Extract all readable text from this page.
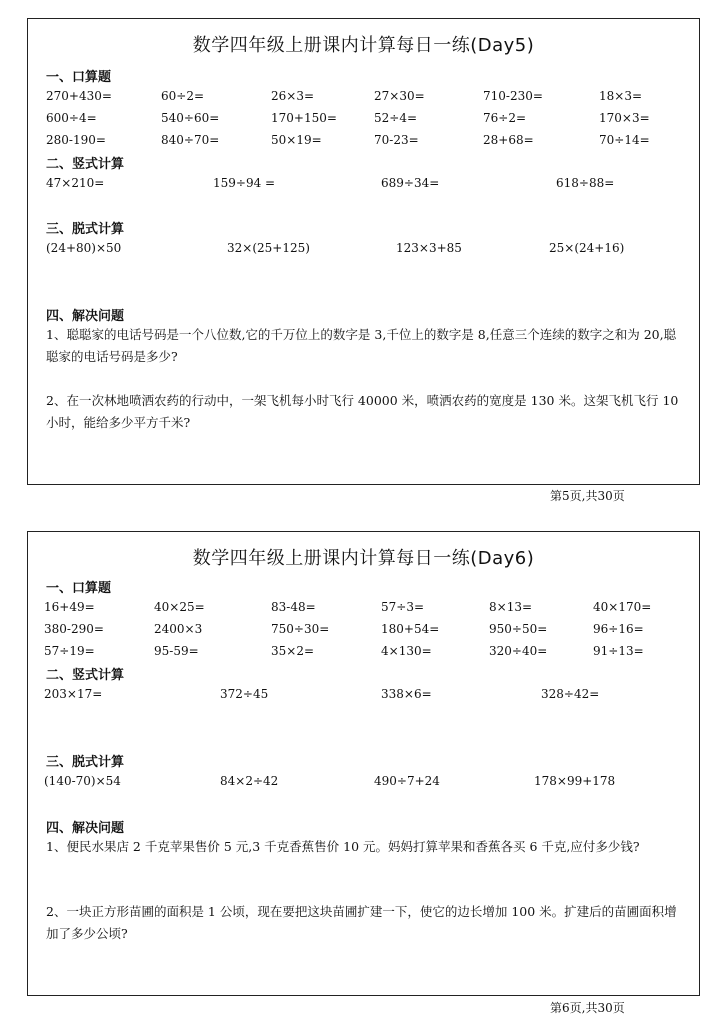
数学四年级上册课内计算每日一练(Day5)
一、口算题
270+430=	60÷2=	26×3=	27×30=	710-230=	18×3=
600÷4=	540÷60=	170+150=	52÷4=	76÷2=	170×3=
280-190=	840÷70=	50×19=	70-23=	28+68=	70÷14=
二、竖式计算
47×210=	159÷94 =	689÷34=	618÷88=
三、脱式计算
(24+80)×50	32×(25+125)	123×3+85	25×(24+16)
四、解决问题
1、聪聪家的电话号码是一个八位数,它的千万位上的数字是 3,千位上的数字是 8,任意三个连续的数字之和为 20,聪聪家的电话号码是多少?
2、在一次林地喷洒农药的行动中，一架飞机每小时飞行 40000 米，喷洒农药的宽度是 130 米。这架飞机飞行 10 小时，能给多少平方千米?
第5页,共30页
数学四年级上册课内计算每日一练(Day6)
一、口算题
16+49=	40×25=	83-48=	57÷3=	8×13=	40×170=
380-290=	2400×3	750÷30=	180+54=	950÷50=	96÷16=
57÷19=	95-59=	35×2=	4×130=	320÷40=	91÷13=
二、竖式计算
203×17=	372÷45	338×6=	328÷42=
三、脱式计算
(140-70)×54	84×2÷42	490÷7+24	178×99+178
四、解决问题
1、便民水果店 2 千克苹果售价 5 元,3 千克香蕉售价 10 元。妈妈打算苹果和香蕉各买 6 千克,应付多少钱?
2、一块正方形苗圃的面积是 1 公顷，现在要把这块苗圃扩建一下，使它的边长增加 100 米。扩建后的苗圃面积增加了多少公顷?
第6页,共30页
